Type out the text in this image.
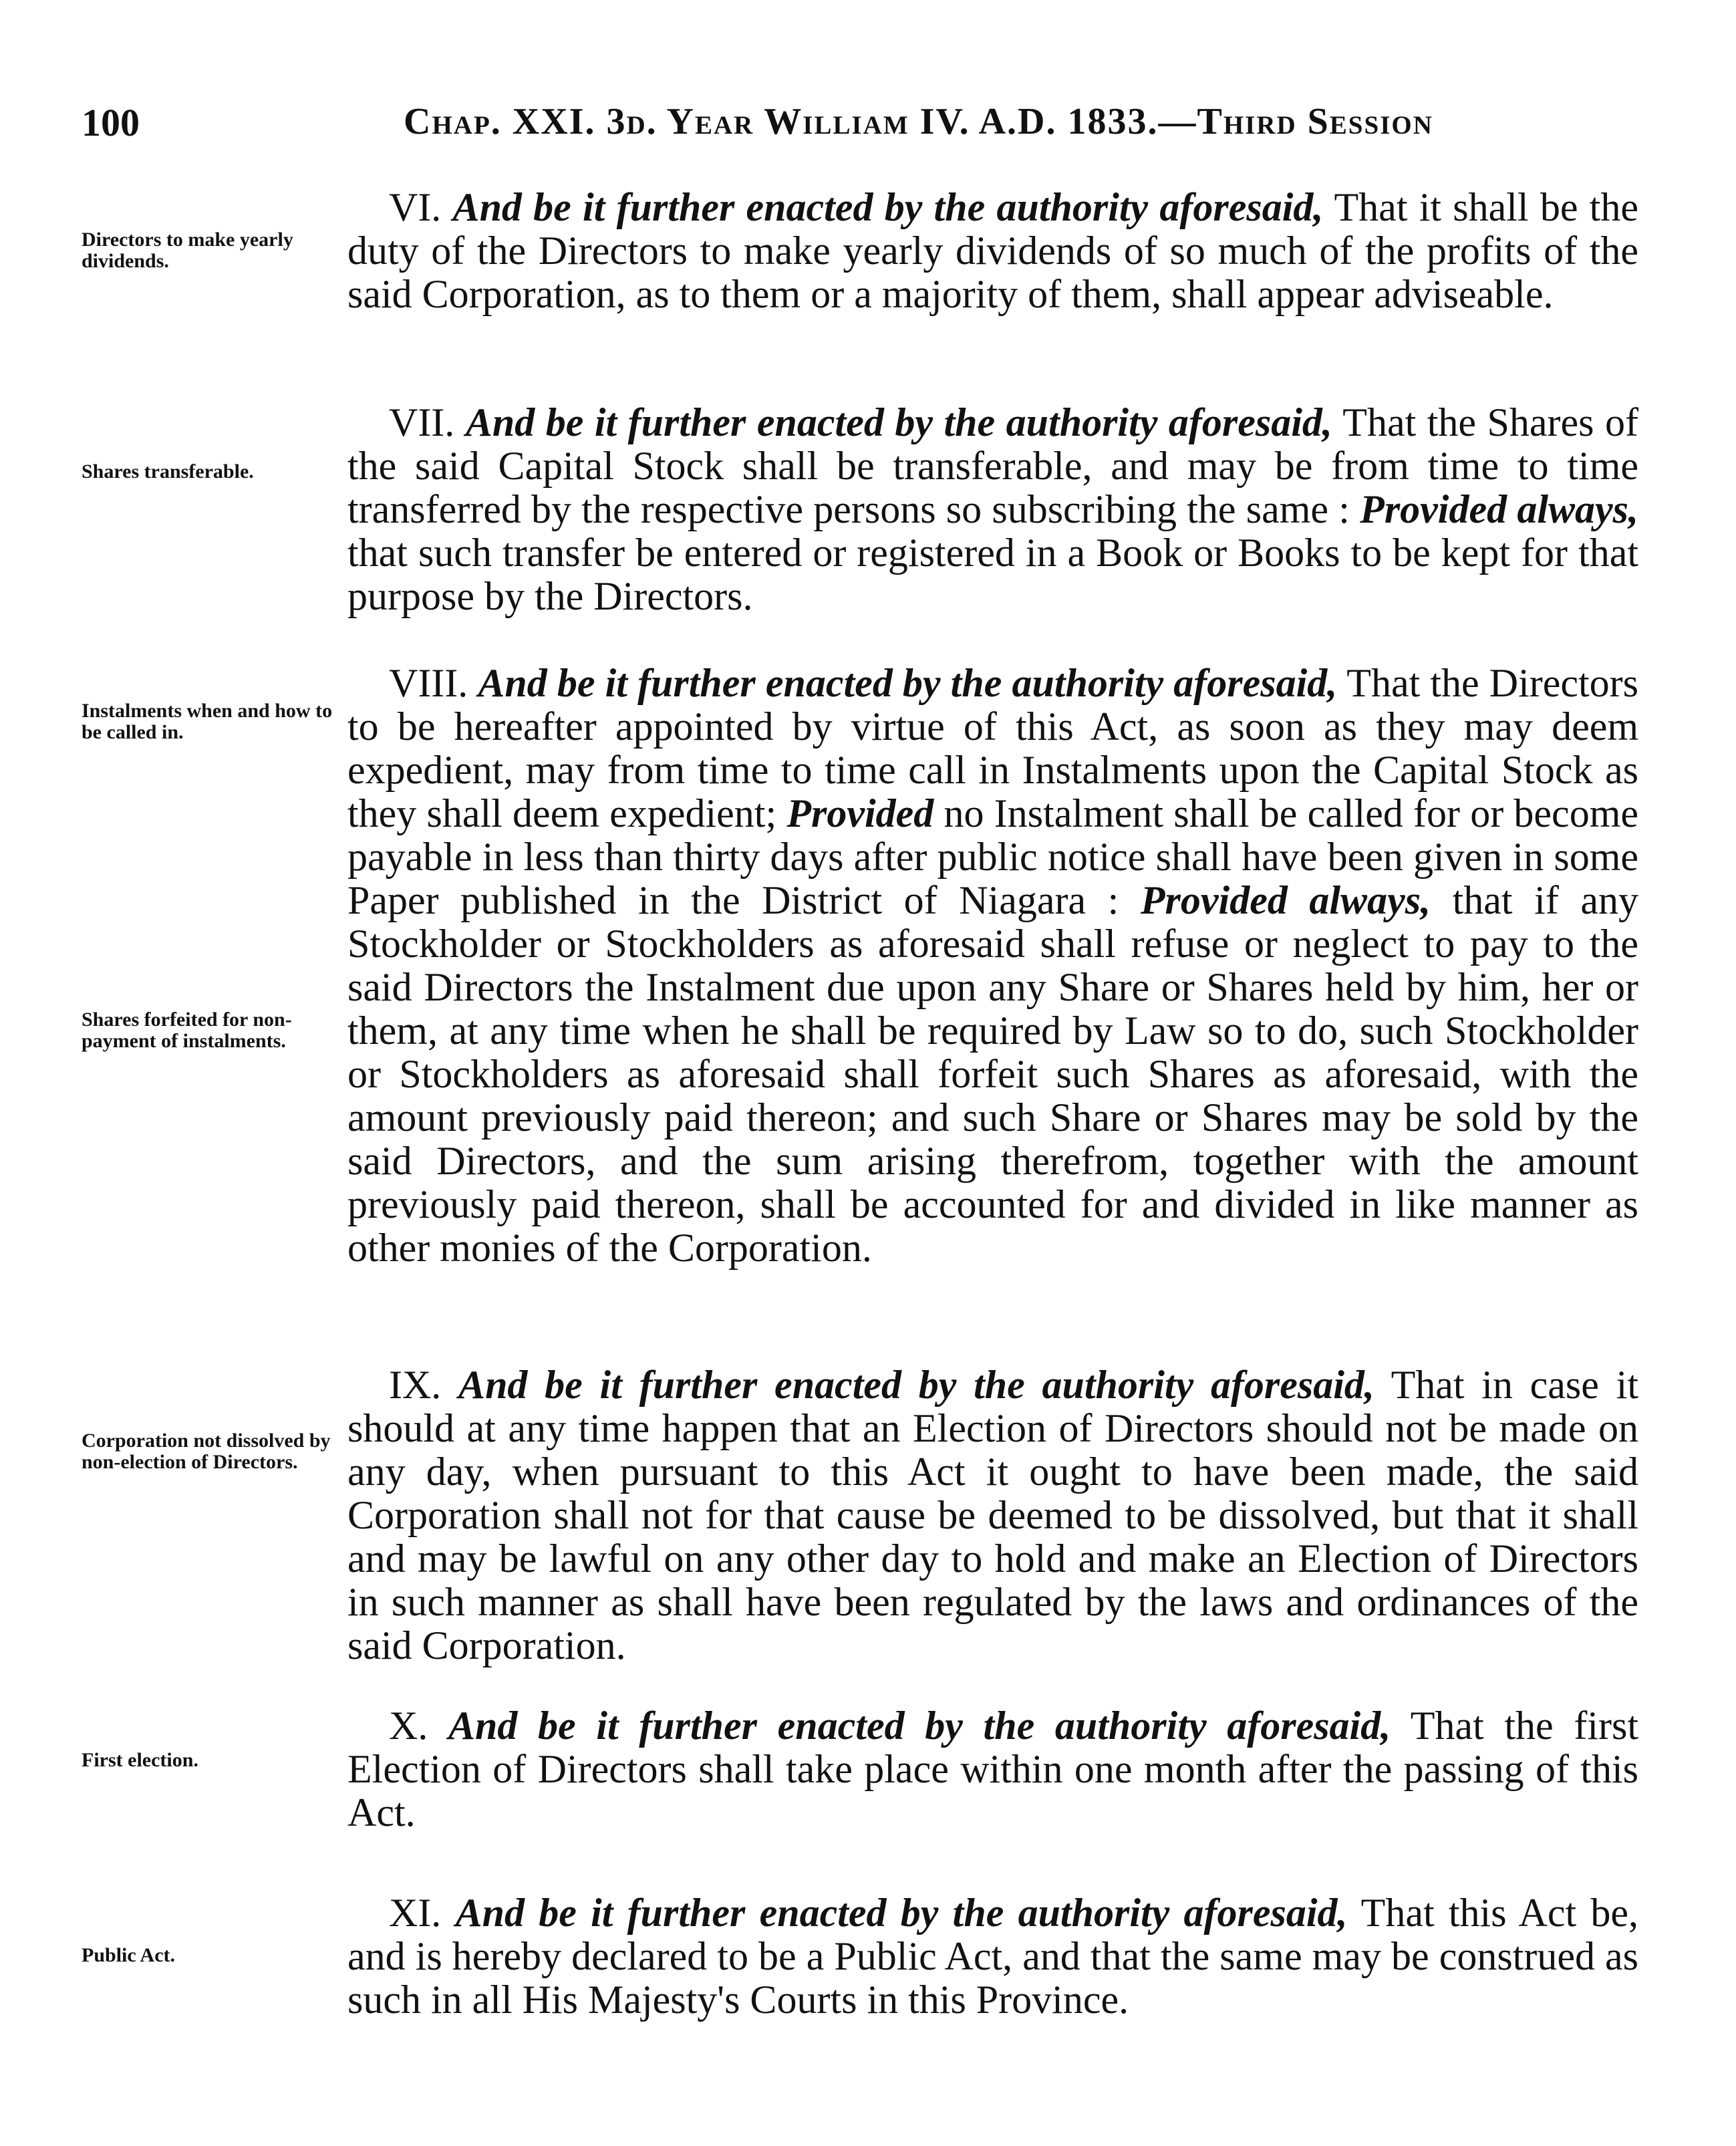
100	Chap. XXI. 3d. Year William IV. A.D. 1833.—Third Session
Directors to make yearly dividends.

VI. And be it further enacted by the authority aforesaid, That it shall be the duty of the Directors to make yearly dividends of so much of the profits of the said Corporation, as to them or a majority of them, shall appear adviseable.

Shares transferable.

VII. And be it further enacted by the authority aforesaid, That the Shares of the said Capital Stock shall be transferable, and may be from time to time transferred by the respective persons so subscribing the same : Provided always, that such transfer be entered or registered in a Book or Books to be kept for that purpose by the Directors.

Instalments when and how to be called in.
Shares forfeited for non-payment of instalments.

VIII. And be it further enacted by the authority aforesaid, That the Directors to be hereafter appointed by virtue of this Act, as soon as they may deem expedient, may from time to time call in Instalments upon the Capital Stock as they shall deem expedient; Provided no Instalment shall be called for or become payable in less than thirty days after public notice shall have been given in some Paper published in the District of Niagara : Provided always, that if any Stockholder or Stockholders as aforesaid shall refuse or neglect to pay to the said Directors the Instalment due upon any Share or Shares held by him, her or them, at any time when he shall be required by Law so to do, such Stockholder or Stockholders as aforesaid shall forfeit such Shares as aforesaid, with the amount previously paid thereon; and such Share or Shares may be sold by the said Directors, and the sum arising therefrom, together with the amount previously paid thereon, shall be accounted for and divided in like manner as other monies of the Corporation.

Corporation not dissolved by non-election of Directors.

IX. And be it further enacted by the authority aforesaid, That in case it should at any time happen that an Election of Directors should not be made on any day, when pursuant to this Act it ought to have been made, the said Corporation shall not for that cause be deemed to be dissolved, but that it shall and may be lawful on any other day to hold and make an Election of Directors in such manner as shall have been regulated by the laws and ordinances of the said Corporation.

First election.

X. And be it further enacted by the authority aforesaid, That the first Election of Directors shall take place within one month after the passing of this Act.

Public Act.

XI. And be it further enacted by the authority aforesaid, That this Act be, and is hereby declared to be a Public Act, and that the same may be construed as such in all His Majesty's Courts in this Province.
